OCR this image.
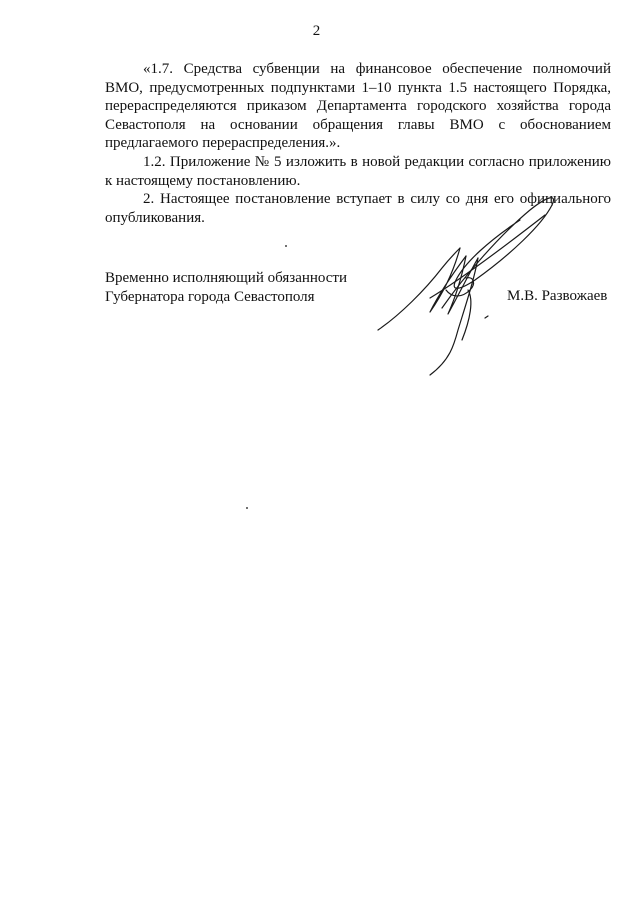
2

«1.7. Средства субвенции на финансовое обеспечение полномочий ВМО, предусмотренных подпунктами 1–10 пункта 1.5 настоящего Порядка, перераспределяются приказом Департамента городского хозяйства города Севастополя на основании обращения главы ВМО с обоснованием предлагаемого перераспределения.».

1.2. Приложение № 5 изложить в новой редакции согласно приложению к настоящему постановлению.

2. Настоящее постановление вступает в силу со дня его официального опубликования.

Временно исполняющий обязанности
Губернатора города Севастополя	М.В. Развожаев
